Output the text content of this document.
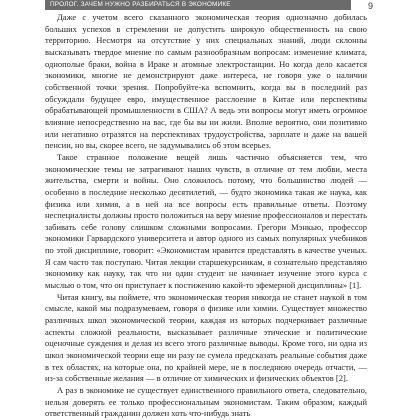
ПРОЛОГ. ЗАЧЕМ НУЖНО РАЗБИРАТЬСЯ В ЭКОНОМИКЕ	9

Даже с учетом всего сказанного экономическая теория однозначно добилась больших успехов в стремлении не допустить широкую общественность на свою территорию. Несмотря на отсутствие у них специальных знаний, люди склонны высказывать твердое мнение по самым разнообразным вопросам: изменение климата, однополые браки, война в Ираке и атомные электростанции. Но когда дело касается экономики, многие не демонстрируют даже интереса, не говоря уже о наличии собственной точки зрения. Попробуйте-ка вспомнить, когда вы в последний раз обсуждали будущее евро, имущественное расслоение в Китае или перспективы обрабатывающей промышленности в США? А ведь эти вопросы могут иметь огромное влияние непосредственно на вас, где бы вы ни жили. Вполне вероятно, они позитивно или негативно отразятся на перспективах трудоустройства, зарплате и даже на вашей пенсии, но вы, скорее всего, не задумывались об этом всерьез.

Такое странное положение вещей лишь частично объясняется тем, что экономические темы не затрагивают наших чувств, в отличие от тем любви, места жительства, смерти и войны. Оно сложилось потому, что большинство людей — особенно в последние несколько десятилетий, — будто экономика такая же наука, как физика или химия, а в ней на все вопросы есть правильные ответы. Поэтому неспециалисты должны просто положиться на веру мнение профессионалов и перестать забивать себе голову слишком сложными вопросами. Грегори Мэнкью, профессор экономики Гарвардского университета и автор одного из самых популярных учебников по этой дисциплине, говорит: «Экономистам нравится представлять в качестве ученых. Я сам часто так поступаю. Читая лекции старшекурсникам, я сознательно представляю экономику как науку, так что ни один студент не начинает изучение этого курса с мыслью о том, что он приступает к постижению какой-то эфемерной дисциплины» [1].

Читая книгу, вы поймете, что экономическая теория никогда не станет наукой в том смысле, какой мы подразумеваем, говоря о физике или химии. Существует множество различных школ экономической теории, каждая из которых подчеркивает различные аспекты сложной реальности, высказывает различные этические и политические оценочные суждения и делая из всего этого различные выводы. Кроме того, ни одна из школ экономической теории еще ни разу не сумела предсказать реальные события даже в тех областях, на которые она, по крайней мере, не в последнюю очередь отчасти, — из-за собственные желания — в отличие от химических и физических объектов [2].

А раз в экономике не существует единственного правильного ответа, следовательно, нельзя доверять ее только профессиональным экономистам. Таким образом, каждый ответственный гражданин должен хоть что-нибудь знать
